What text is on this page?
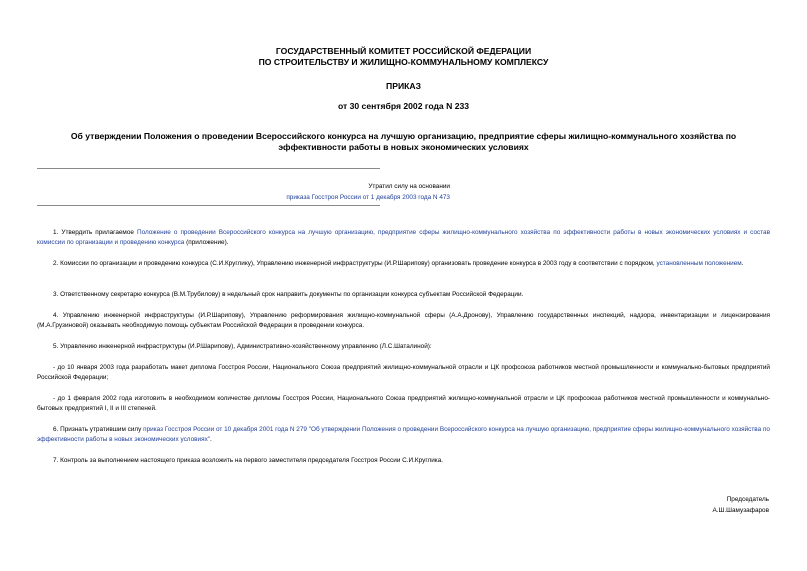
ГОСУДАРСТВЕННЫЙ КОМИТЕТ РОССИЙСКОЙ ФЕДЕРАЦИИ
ПО СТРОИТЕЛЬСТВУ И ЖИЛИЩНО-КОММУНАЛЬНОМУ КОМПЛЕКСУ
ПРИКАЗ
от 30 сентября 2002 года N 233
Об утверждении Положения о проведении Всероссийского конкурса на лучшую организацию, предприятие сферы жилищно-коммунального хозяйства по эффективности работы в новых экономических условиях
Утратил силу на основании
приказа Госстроя России от 1 декабря 2003 года N 473

1. Утвердить прилагаемое Положение о проведении Всероссийского конкурса на лучшую организацию, предприятие сферы жилищно-коммунального хозяйства по эффективности работы в новых экономических условиях и состав комиссии по организации и проведению конкурса (приложение).

2. Комиссии по организации и проведению конкурса (С.И.Круглику), Управлению инженерной инфраструктуры (И.Р.Шарипову) организовать проведение конкурса в 2003 году в соответствии с порядком, установленным положением.

3. Ответственному секретарю конкурса (В.М.Трубилову) в недельный срок направить документы по организации конкурса субъектам Российской Федерации.

4. Управлению инженерной инфраструктуры (И.Р.Шарипову), Управлению реформирования жилищно-коммунальной сферы (А.А.Дронову), Управлению государственных инспекций, надзора, инвентаризации и лицензирования (М.А.Грузиновой) оказывать необходимую помощь субъектам Российской Федерации в проведении конкурса.

5. Управлению инженерной инфраструктуры (И.Р.Шарипову), Административно-хозяйственному управлению (Л.С.Шаталиной):

- до 10 января 2003 года разработать макет диплома Госстроя России, Национального Союза предприятий жилищно-коммунальной отрасли и ЦК профсоюза работников местной промышленности и коммунально-бытовых предприятий Российской Федерации;

- до 1 февраля 2002 года изготовить в необходимом количестве дипломы Госстроя России, Национального Союза предприятий жилищно-коммунальной отрасли и ЦК профсоюза работников местной промышленности и коммунально-бытовых предприятий I, II и III степеней.

6. Признать утратившим силу приказ Госстроя России от 10 декабря 2001 года N 279 "Об утверждении Положения о проведении Всероссийского конкурса на лучшую организацию, предприятие сферы жилищно-коммунального хозяйства по эффективности работы в новых экономических условиях".

7. Контроль за выполнением настоящего приказа возложить на первого заместителя председателя Госстроя России С.И.Круглика.

Председатель
А.Ш.Шамузафаров
